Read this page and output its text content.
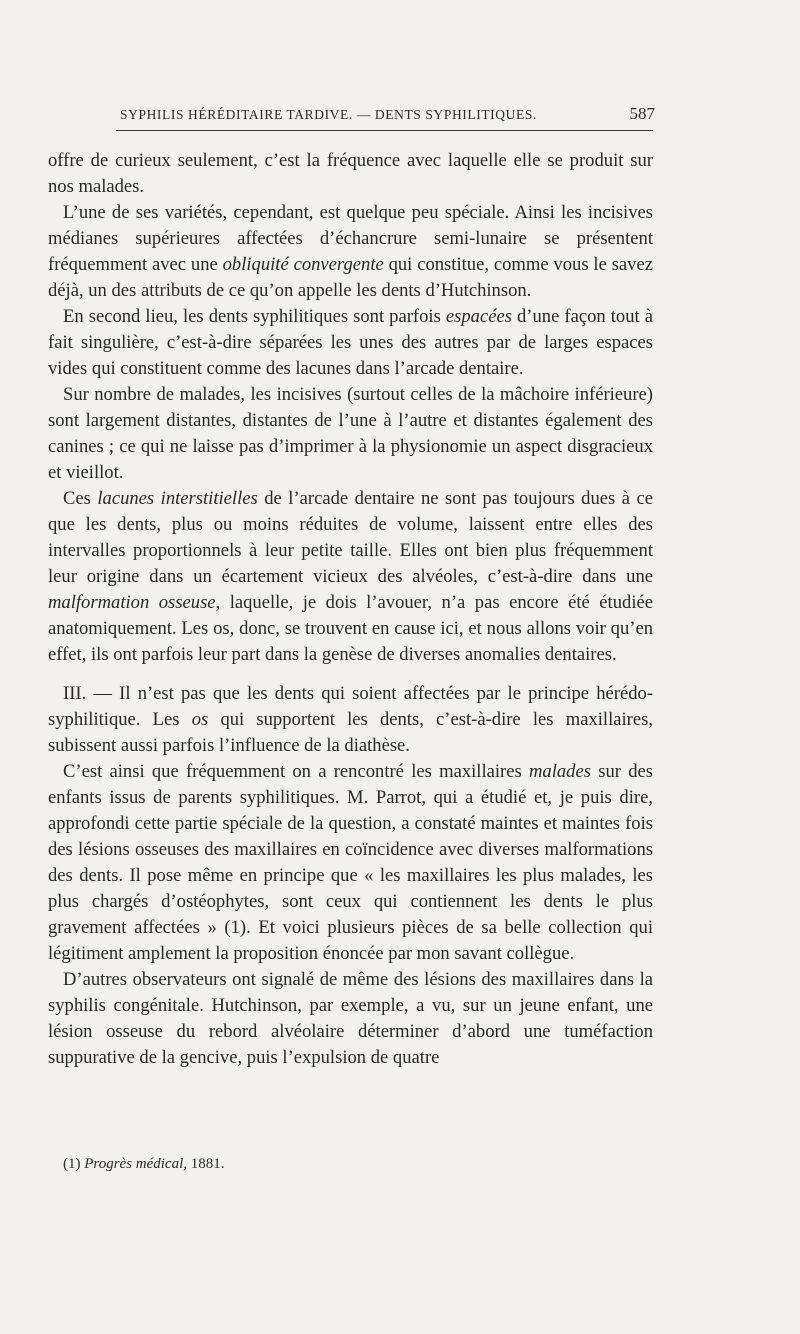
SYPHILIS HÉRÉDITAIRE TARDIVE. — DENTS SYPHILITIQUES.	587

offre de curieux seulement, c’est la fréquence avec laquelle elle se produit sur nos malades.

L’une de ses variétés, cependant, est quelque peu spéciale. Ainsi les incisives médianes supérieures affectées d’échancrure semi-lunaire se présentent fréquemment avec une obliquité convergente qui constitue, comme vous le savez déjà, un des attributs de ce qu’on appelle les dents d’Hutchinson.

En second lieu, les dents syphilitiques sont parfois espacées d’une façon tout à fait singulière, c’est-à-dire séparées les unes des autres par de larges espaces vides qui constituent comme des lacunes dans l’arcade dentaire.

Sur nombre de malades, les incisives (surtout celles de la mâchoire inférieure) sont largement distantes, distantes de l’une à l’autre et distantes également des canines ; ce qui ne laisse pas d’imprimer à la physionomie un aspect disgracieux et vieillot.

Ces lacunes interstitielles de l’arcade dentaire ne sont pas toujours dues à ce que les dents, plus ou moins réduites de volume, laissent entre elles des intervalles proportionnels à leur petite taille. Elles ont bien plus fréquemment leur origine dans un écartement vicieux des alvéoles, c’est-à-dire dans une malformation osseuse, laquelle, je dois l’avouer, n’a pas encore été étudiée anatomiquement. Les os, donc, se trouvent en cause ici, et nous allons voir qu’en effet, ils ont parfois leur part dans la genèse de diverses anomalies dentaires.

III. — Il n’est pas que les dents qui soient affectées par le principe hérédo-syphilitique. Les os qui supportent les dents, c’est-à-dire les maxillaires, subissent aussi parfois l’influence de la diathèse.

C’est ainsi que fréquemment on a rencontré les maxillaires malades sur des enfants issus de parents syphilitiques. M. Parrot, qui a étudié et, je puis dire, approfondi cette partie spéciale de la question, a constaté maintes et maintes fois des lésions osseuses des maxillaires en coïncidence avec diverses malformations des dents. Il pose même en principe que « les maxillaires les plus malades, les plus chargés d’ostéophytes, sont ceux qui contiennent les dents le plus gravement affectées » (1). Et voici plusieurs pièces de sa belle collection qui légitiment amplement la proposition énoncée par mon savant collègue.

D’autres observateurs ont signalé de même des lésions des maxillaires dans la syphilis congénitale. Hutchinson, par exemple, a vu, sur un jeune enfant, une lésion osseuse du rebord alvéolaire déterminer d’abord une tuméfaction suppurative de la gencive, puis l’expulsion de quatre

(1) Progrès médical, 1881.
